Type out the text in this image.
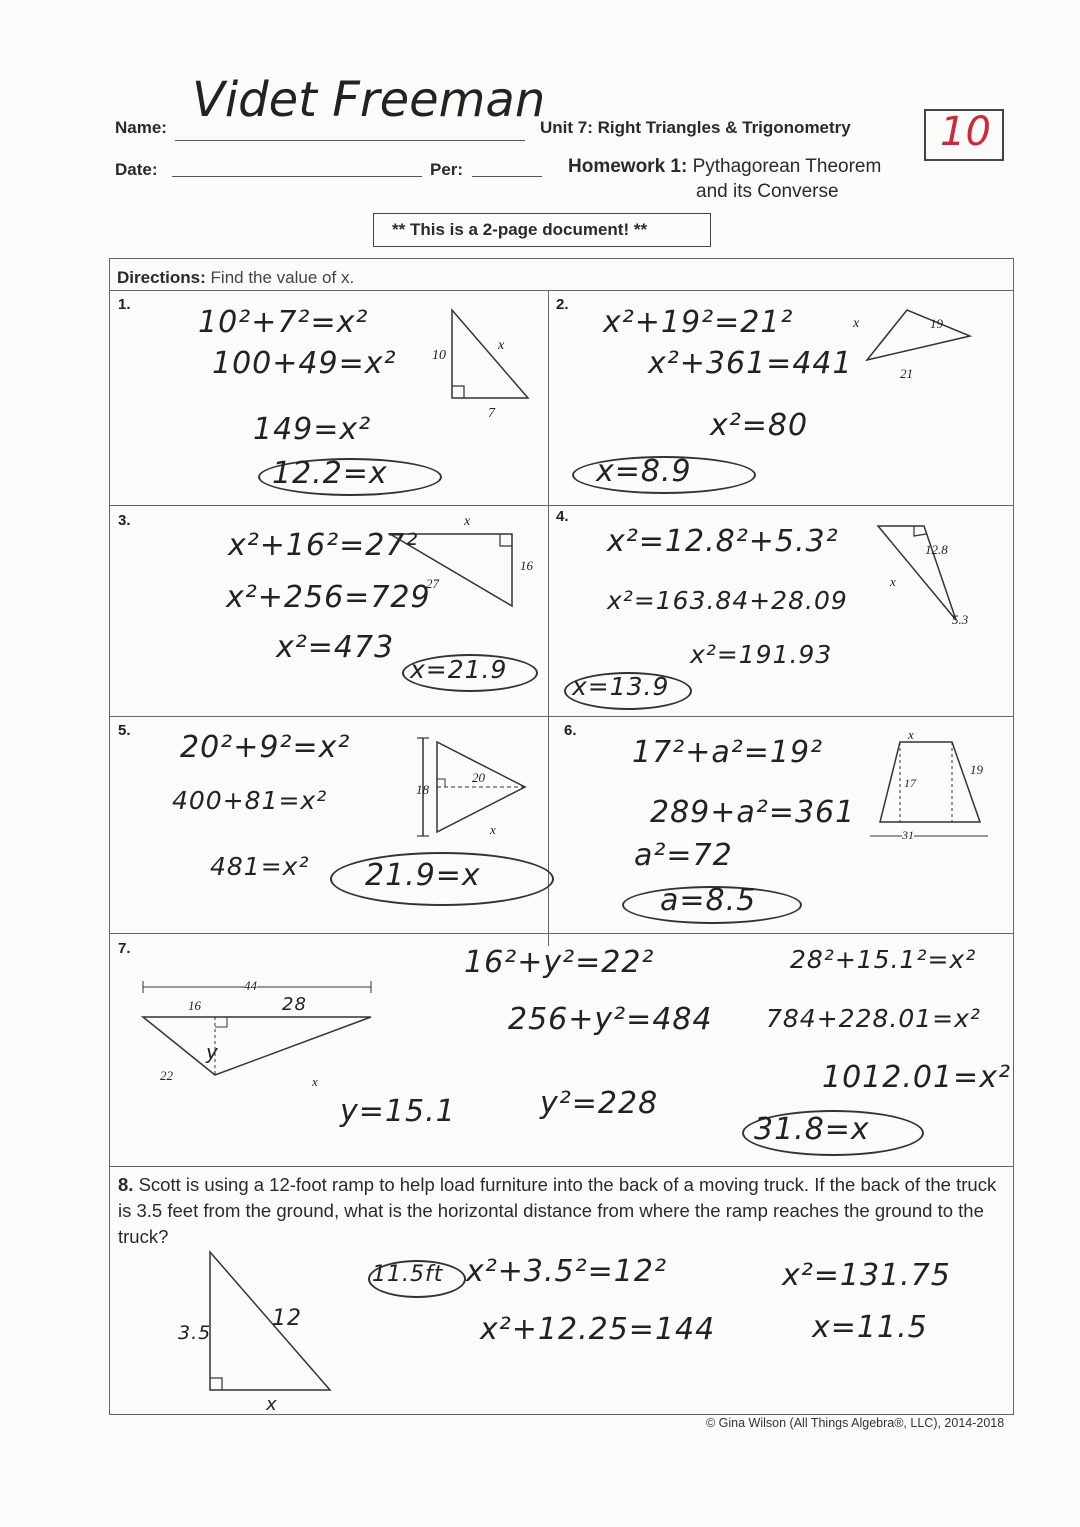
Name: Videt Freeman
Date:	Per:
Unit 7: Right Triangles & Trigonometry
Homework 1: Pythagorean Theorem
and its Converse
10
** This is a 2-page document! **
Directions: Find the value of x.
1.
10²+7²=x²
100+49=x²
149=x²
12.2=x
10
7
x
2.
x²+19²=21²
x²+361=441
x²=80
x=8.9
x	19
21
3.
x²+16²=27²
x²+256=729
x²=473
x=21.9
x
16
27
4.
x²=12.8²+5.3²
x²=163.84+28.09
x²=191.93
x=13.9
12.8
x
5.3
5. 20²+9²=x²
400+81=x²
481=x² 21.9=x
18
20
x
6.
17²+a²=19²
289+a²=361
a²=72
a=8.5
x
17
19
31
7.
44
16	28
22
y
x
y=15.1
16²+y²=22²
256+y²=484
y²=228
28²+15.1²=x²
784+228.01=x²
1012.01=x²
31.8=x
8. Scott is using a 12-foot ramp to help load furniture into the back of a moving truck. If the back of the truck is 3.5 feet from the ground, what is the horizontal distance from where the ramp reaches the ground to the truck?
3.5
12
x
11.5ft x²+3.5²=12²
x²+12.25=144
x²=131.75
x=11.5
© Gina Wilson (All Things Algebra®, LLC), 2014-2018
